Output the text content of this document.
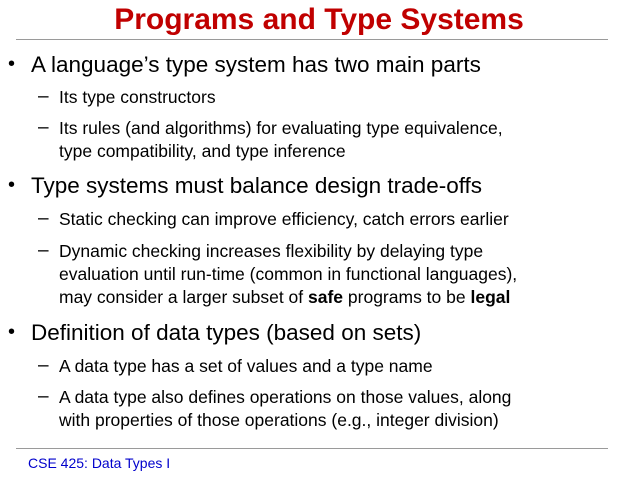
Programs and Type Systems
• A language’s type system has two main parts
– Its type constructors
– Its rules (and algorithms) for evaluating type equivalence,
type compatibility, and type inference
• Type systems must balance design trade-offs
– Static checking can improve efficiency, catch errors earlier
– Dynamic checking increases flexibility by delaying type
evaluation until run-time (common in functional languages),
may consider a larger subset of safe programs to be legal
• Definition of data types (based on sets)
– A data type has a set of values and a type name
– A data type also defines operations on those values, along
with properties of those operations (e.g., integer division)
CSE 425: Data Types I
